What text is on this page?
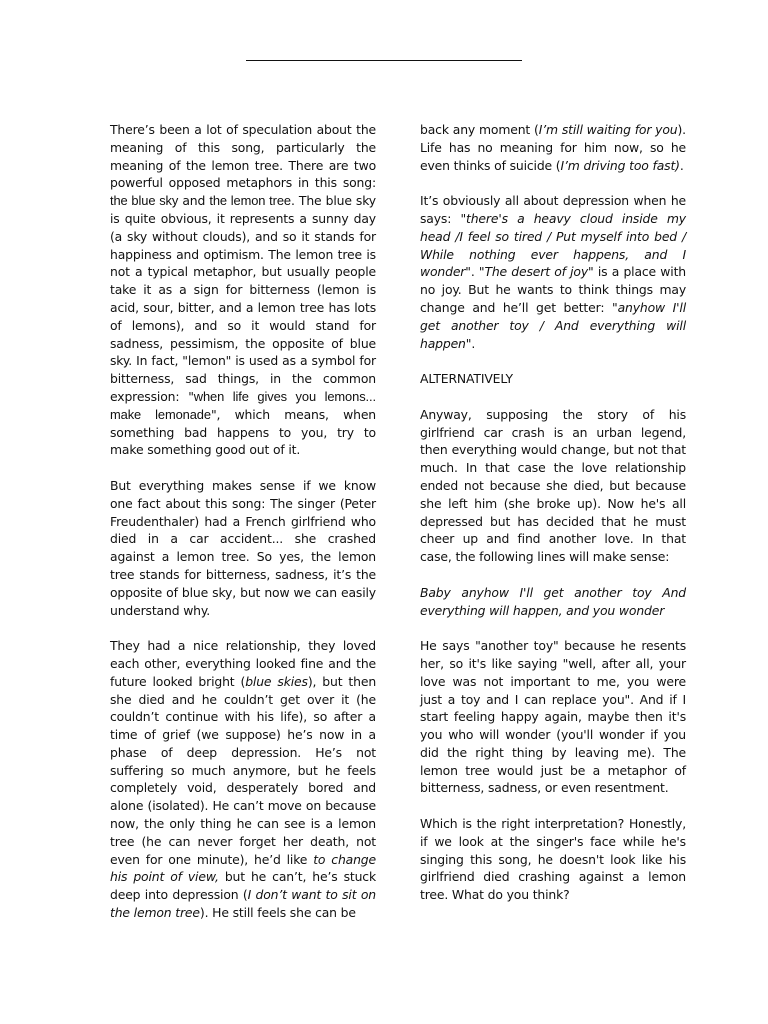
There’s been a lot of speculation about the meaning of this song, particularly the meaning of the lemon tree. There are two powerful opposed metaphors in this song: the blue sky and the lemon tree. The blue sky is quite obvious, it represents a sunny day (a sky without clouds), and so it stands for happiness and optimism. The lemon tree is not a typical metaphor, but usually people take it as a sign for bitterness (lemon is acid, sour, bitter, and a lemon tree has lots of lemons), and so it would stand for sadness, pessimism, the opposite of blue sky. In fact, "lemon" is used as a symbol for bitterness, sad things, in the common expression: "when life gives you lemons... make lemonade", which means, when something bad happens to you, try to make something good out of it.

But everything makes sense if we know one fact about this song: The singer (Peter Freudenthaler) had a French girlfriend who died in a car accident... she crashed against a lemon tree. So yes, the lemon tree stands for bitterness, sadness, it’s the opposite of blue sky, but now we can easily understand why.

They had a nice relationship, they loved each other, everything looked fine and the future looked bright (blue skies), but then she died and he couldn’t get over it (he couldn’t continue with his life), so after a time of grief (we suppose) he’s now in a phase of deep depression. He’s not suffering so much anymore, but he feels completely void, desperately bored and alone (isolated). He can’t move on because now, the only thing he can see is a lemon tree (he can never forget her death, not even for one minute), he’d like to change his point of view, but he can’t, he’s stuck deep into depression (I don’t want to sit on the lemon tree). He still feels she can be

back any moment (I’m still waiting for you). Life has no meaning for him now, so he even thinks of suicide (I’m driving too fast).

It’s obviously all about depression when he says: "there's a heavy cloud inside my head /I feel so tired / Put myself into bed / While nothing ever happens, and I wonder". "The desert of joy" is a place with no joy. But he wants to think things may change and he’ll get better: "anyhow I'll get another toy / And everything will happen".

ALTERNATIVELY

Anyway, supposing the story of his girlfriend car crash is an urban legend, then everything would change, but not that much. In that case the love relationship ended not because she died, but because she left him (she broke up). Now he's all depressed but has decided that he must cheer up and find another love. In that case, the following lines will make sense:

Baby anyhow I'll get another toy And everything will happen, and you wonder

He says "another toy" because he resents her, so it's like saying "well, after all, your love was not important to me, you were just a toy and I can replace you". And if I start feeling happy again, maybe then it's you who will wonder (you'll wonder if you did the right thing by leaving me). The lemon tree would just be a metaphor of bitterness, sadness, or even resentment.

Which is the right interpretation? Honestly, if we look at the singer's face while he's singing this song, he doesn't look like his girlfriend died crashing against a lemon tree. What do you think?
